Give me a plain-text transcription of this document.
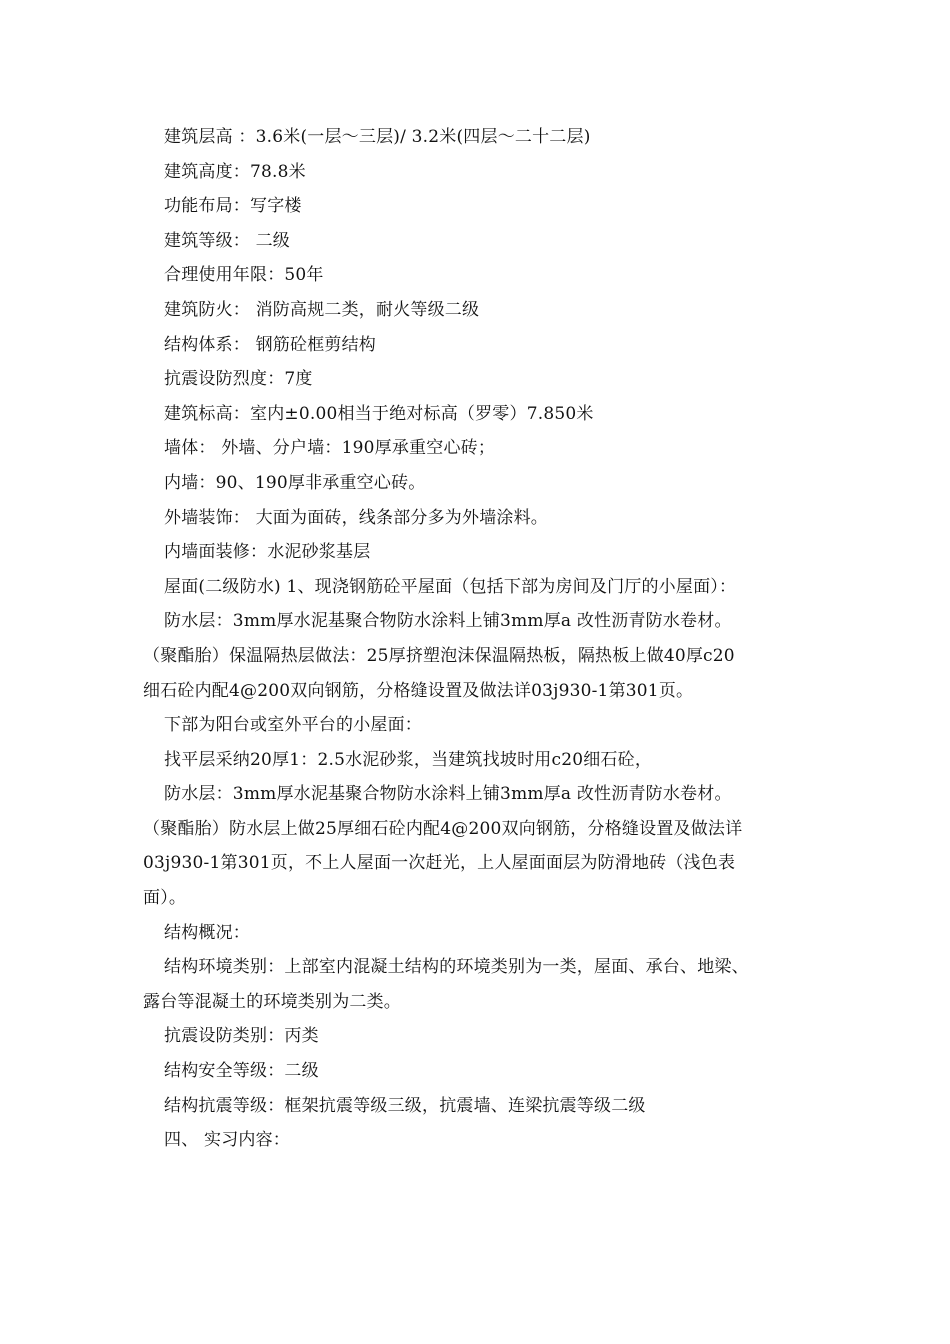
建筑层高 ：3.6米(一层～三层)/ 3.2米(四层～二十二层)
建筑高度：78.8米
功能布局：写字楼
建筑等级： 二级
合理使用年限：50年
建筑防火： 消防高规二类，耐火等级二级
结构体系： 钢筋砼框剪结构
抗震设防烈度：7度
建筑标高：室内±0.00相当于绝对标高（罗零）7.850米
墙体： 外墙、分户墙：190厚承重空心砖；
内墙：90、190厚非承重空心砖。
外墙装饰： 大面为面砖，线条部分多为外墙涂料。
内墙面装修：水泥砂浆基层
屋面(二级防水) 1、现浇钢筋砼平屋面（包括下部为房间及门厅的小屋面）：
防水层：3mm厚水泥基聚合物防水涂料上铺3mm厚a 改性沥青防水卷材。
（聚酯胎）保温隔热层做法：25厚挤塑泡沫保温隔热板，隔热板上做40厚c20
细石砼内配4@200双向钢筋，分格缝设置及做法详03j930-1第301页。
下部为阳台或室外平台的小屋面：
找平层采纳20厚1：2.5水泥砂浆，当建筑找坡时用c20细石砼，
防水层：3mm厚水泥基聚合物防水涂料上铺3mm厚a 改性沥青防水卷材。
（聚酯胎）防水层上做25厚细石砼内配4@200双向钢筋，分格缝设置及做法详
03j930-1第301页，不上人屋面一次赶光，上人屋面面层为防滑地砖（浅色表
面）。
结构概况：
结构环境类别：上部室内混凝土结构的环境类别为一类，屋面、承台、地梁、
露台等混凝土的环境类别为二类。
抗震设防类别：丙类
结构安全等级：二级
结构抗震等级：框架抗震等级三级，抗震墙、连梁抗震等级二级
四、 实习内容：
